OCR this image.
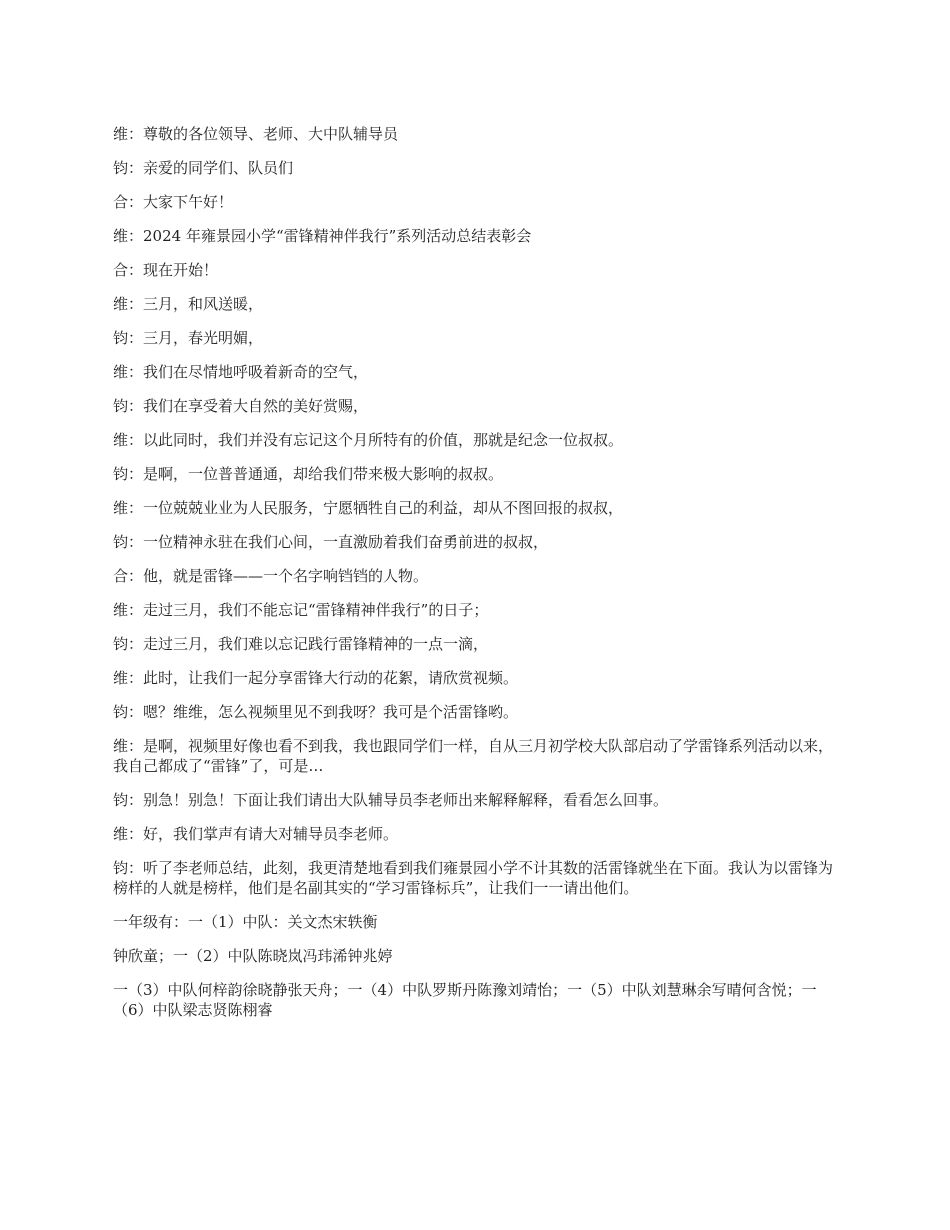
维：尊敬的各位领导、老师、大中队辅导员

钧：亲爱的同学们、队员们

合：大家下午好！

维：2024 年雍景园小学“雷锋精神伴我行”系列活动总结表彰会

合：现在开始！

维：三月，和风送暖，

钧：三月，春光明媚，

维：我们在尽情地呼吸着新奇的空气，

钧：我们在享受着大自然的美好赏赐，

维：以此同时，我们并没有忘记这个月所特有的价值，那就是纪念一位叔叔。

钧：是啊，一位普普通通，却给我们带来极大影响的叔叔。

维：一位兢兢业业为人民服务，宁愿牺牲自己的利益，却从不图回报的叔叔，

钧：一位精神永驻在我们心间，一直激励着我们奋勇前进的叔叔，

合：他，就是雷锋——一个名字响铛铛的人物。

维：走过三月，我们不能忘记“雷锋精神伴我行”的日子；

钧：走过三月，我们难以忘记践行雷锋精神的一点一滴，

维：此时，让我们一起分享雷锋大行动的花絮，请欣赏视频。

钧：嗯？维维，怎么视频里见不到我呀？我可是个活雷锋哟。

维：是啊，视频里好像也看不到我，我也跟同学们一样，自从三月初学校大队部启动了学雷锋系列活动以来，我自己都成了“雷锋”了，可是…

钧：别急！别急！下面让我们请出大队辅导员李老师出来解释解释，看看怎么回事。

维：好，我们掌声有请大对辅导员李老师。

钧：听了李老师总结，此刻，我更清楚地看到我们雍景园小学不计其数的活雷锋就坐在下面。我认为以雷锋为榜样的人就是榜样，他们是名副其实的“学习雷锋标兵”，让我们一一请出他们。

一年级有：一（1）中队：关文杰宋轶衡

钟欣童；一（2）中队陈晓岚冯玮浠钟兆婷

一（3）中队何梓韵徐晓静张天舟；一（4）中队罗斯丹陈豫刘靖怡；一（5）中队刘慧琳余写晴何含悦；一（6）中队梁志贤陈栩睿
